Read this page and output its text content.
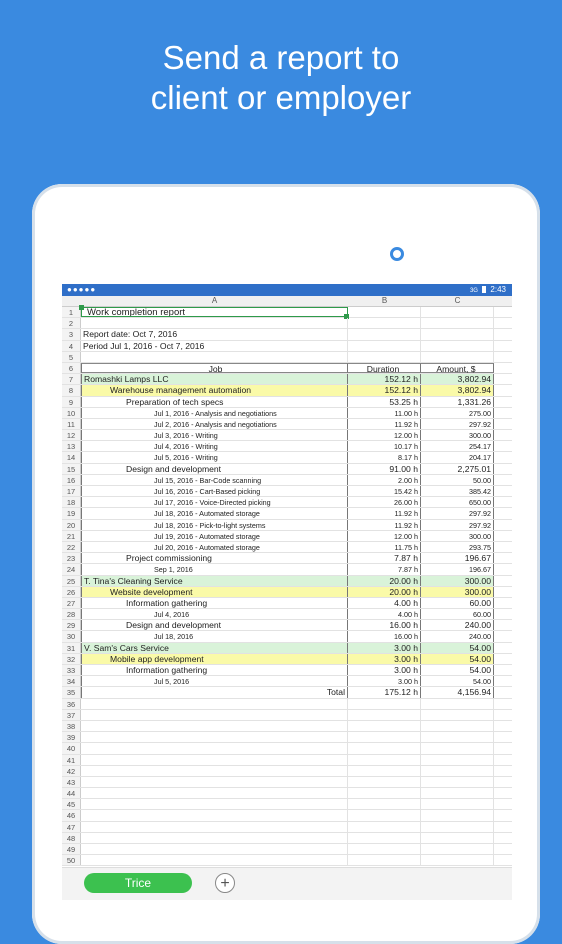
Send a report to
client or employer
●●●●●	3G 2:43
A	B	C
1	Work completion report
2
3	Report date: Oct 7, 2016
4	Period Jul 1, 2016 - Oct 7, 2016
5
6	Job	Duration	Amount, $
7	Romashki Lamps LLC	152.12 h	3,802.94
8	Warehouse management automation	152.12 h	3,802.94
9	Preparation of tech specs	53.25 h	1,331.26
10	Jul 1, 2016 - Analysis and negotiations	11.00 h	275.00
11	Jul 2, 2016 - Analysis and negotiations	11.92 h	297.92
12	Jul 3, 2016 - Writing	12.00 h	300.00
13	Jul 4, 2016 - Writing	10.17 h	254.17
14	Jul 5, 2016 - Writing	8.17 h	204.17
15	Design and development	91.00 h	2,275.01
16	Jul 15, 2016 - Bar-Code scanning	2.00 h	50.00
17	Jul 16, 2016 - Cart-Based picking	15.42 h	385.42
18	Jul 17, 2016 - Voice-Directed picking	26.00 h	650.00
19	Jul 18, 2016 - Automated storage	11.92 h	297.92
20	Jul 18, 2016 - Pick-to-light systems	11.92 h	297.92
21	Jul 19, 2016 - Automated storage	12.00 h	300.00
22	Jul 20, 2016 - Automated storage	11.75 h	293.75
23	Project commissioning	7.87 h	196.67
24	Sep 1, 2016	7.87 h	196.67
25	T. Tina's Cleaning Service	20.00 h	300.00
26	Website development	20.00 h	300.00
27	Information gathering	4.00 h	60.00
28	Jul 4, 2016	4.00 h	60.00
29	Design and development	16.00 h	240.00
30	Jul 18, 2016	16.00 h	240.00
31	V. Sam's Cars Service	3.00 h	54.00
32	Mobile app development	3.00 h	54.00
33	Information gathering	3.00 h	54.00
34	Jul 5, 2016	3.00 h	54.00
35	Total	175.12 h	4,156.94
36
37
38
39
40
41
42
43
44
45
46
47
48
49
50
Trice	+
